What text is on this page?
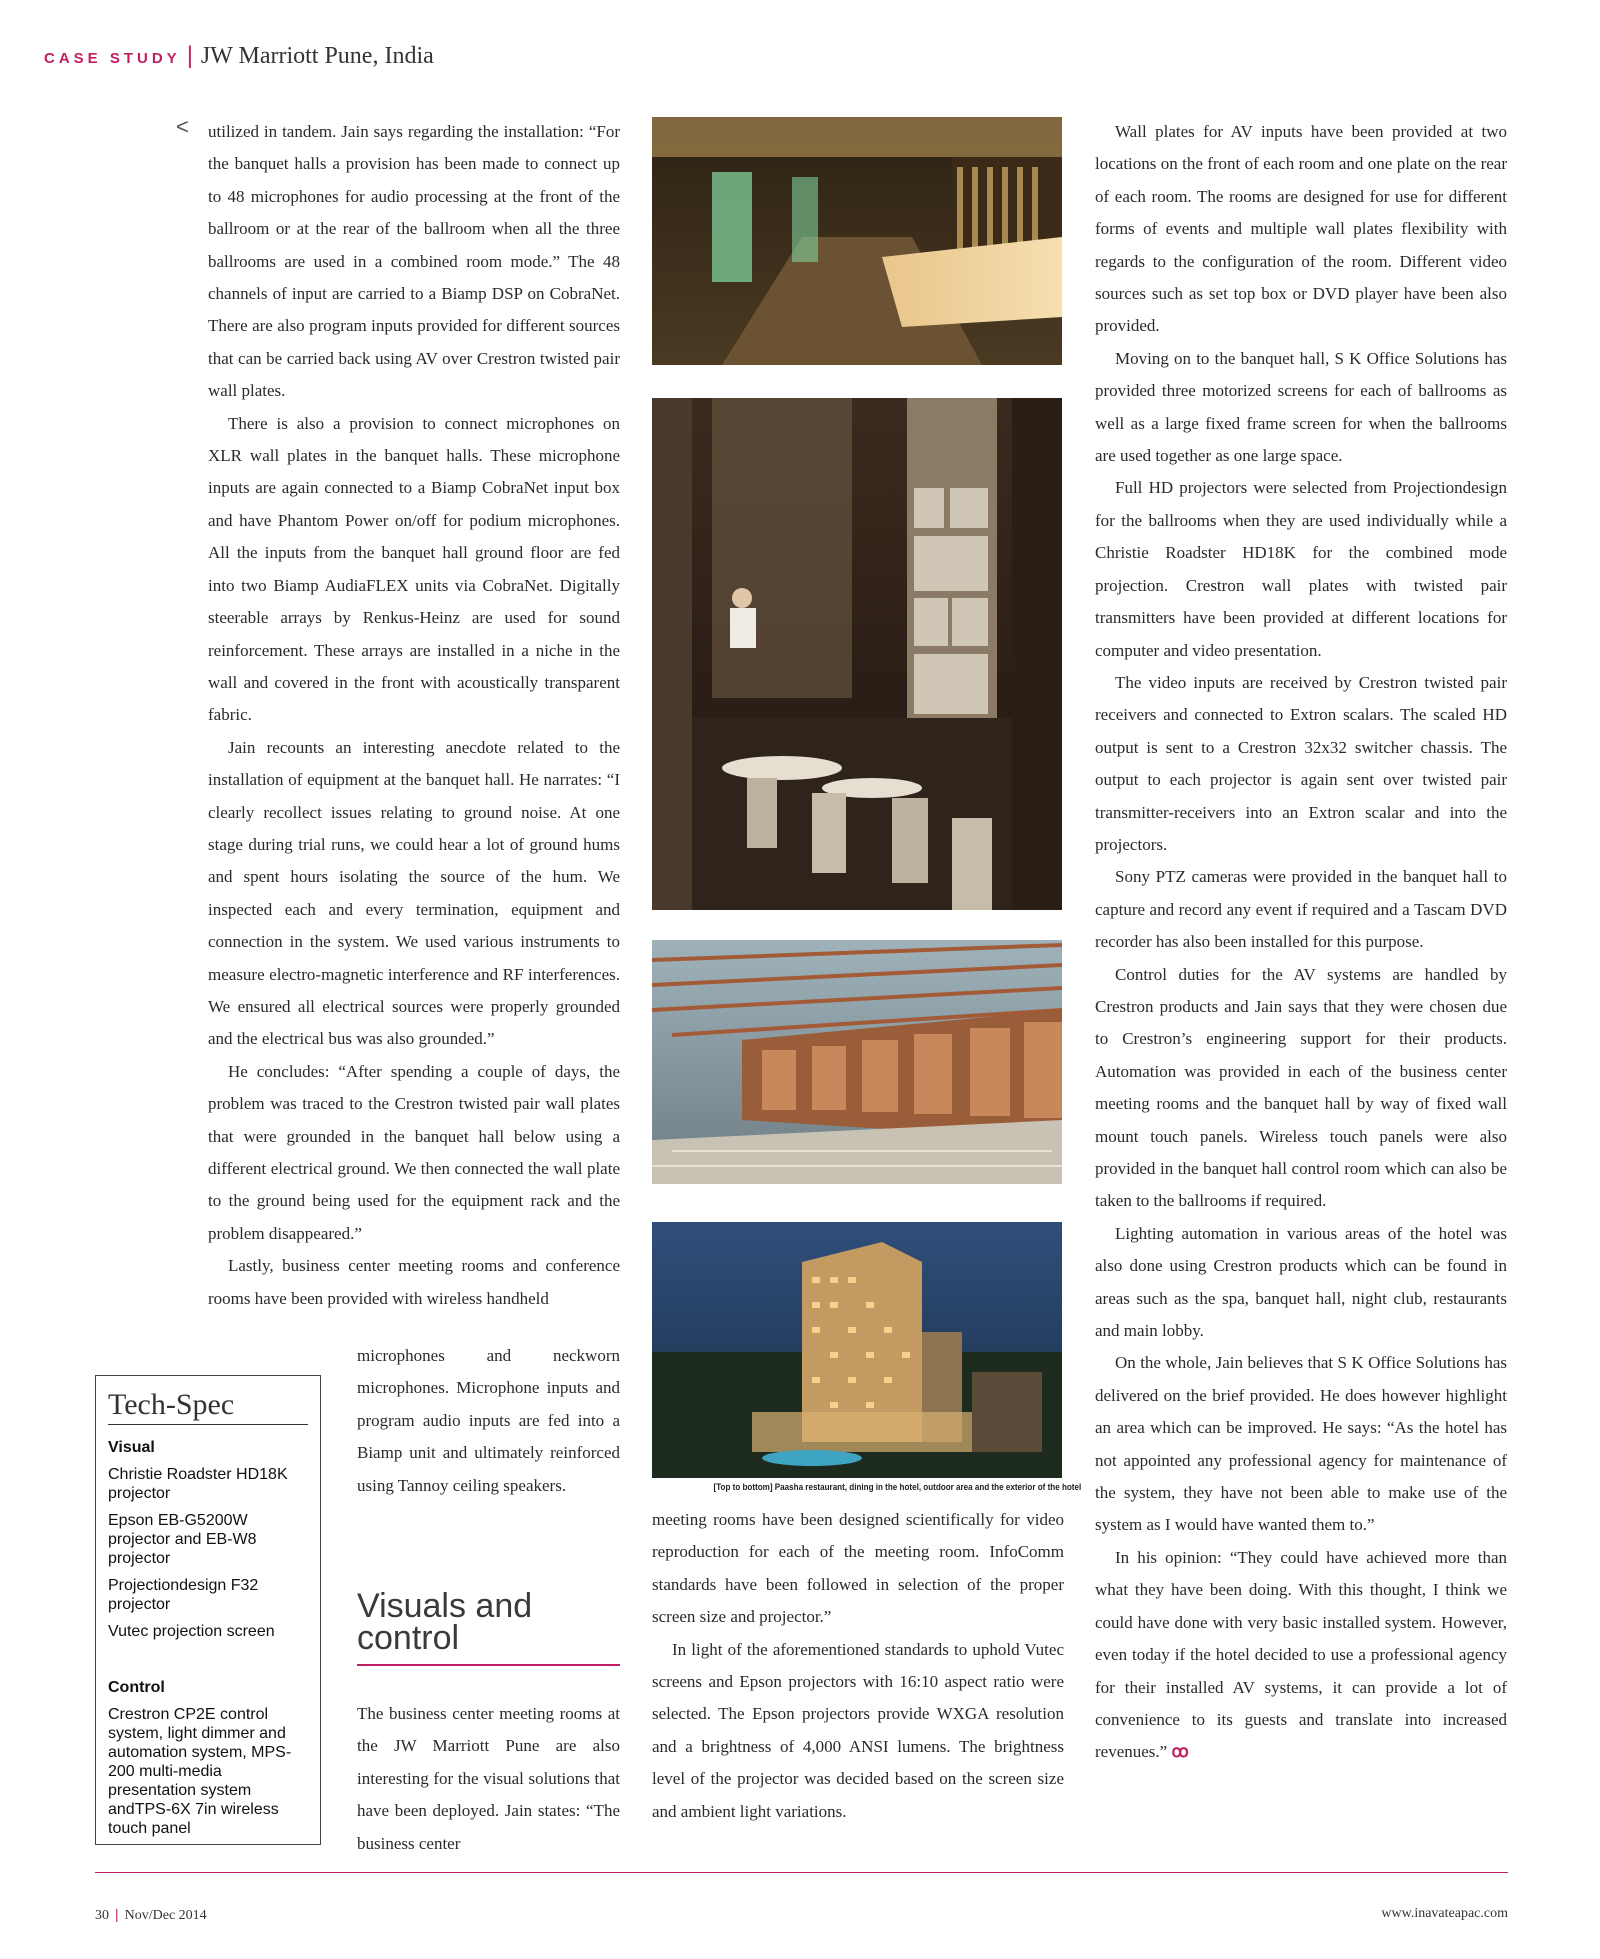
CASE STUDY | JW Marriott Pune, India
< utilized in tandem. Jain says regarding the installation: “For the banquet halls a provision has been made to connect up to 48 microphones for audio processing at the front of the ballroom or at the rear of the ballroom when all the three ballrooms are used in a combined room mode.” The 48 channels of input are carried to a Biamp DSP on CobraNet. There are also program inputs provided for different sources that can be carried back using AV over Crestron twisted pair wall plates.

There is also a provision to connect microphones on XLR wall plates in the banquet halls. These microphone inputs are again connected to a Biamp CobraNet input box and have Phantom Power on/off for podium microphones. All the inputs from the banquet hall ground floor are fed into two Biamp AudiaFLEX units via CobraNet. Digitally steerable arrays by Renkus-Heinz are used for sound reinforcement. These arrays are installed in a niche in the wall and covered in the front with acoustically transparent fabric.

Jain recounts an interesting anecdote related to the installation of equipment at the banquet hall. He narrates: “I clearly recollect issues relating to ground noise. At one stage during trial runs, we could hear a lot of ground hums and spent hours isolating the source of the hum. We inspected each and every termination, equipment and connection in the system. We used various instruments to measure electro-magnetic interference and RF interferences. We ensured all electrical sources were properly grounded and the electrical bus was also grounded.”

He concludes: “After spending a couple of days, the problem was traced to the Crestron twisted pair wall plates that were grounded in the banquet hall below using a different electrical ground. We then connected the wall plate to the ground being used for the equipment rack and the problem disappeared.”

Lastly, business center meeting rooms and conference rooms have been provided with wireless handheld

microphones and neckworn microphones. Microphone inputs and program audio inputs are fed into a Biamp unit and ultimately reinforced using Tannoy ceiling speakers.

Tech-Spec
Visual
Christie Roadster HD18K projector
Epson EB-G5200W projector and EB-W8 projector
Projectiondesign F32 projector
Vutec projection screen
Control
Crestron CP2E control system, light dimmer and automation system, MPS-200 multi-media presentation system andTPS-6X 7in wireless touch panel
Visuals and
control

The business center meeting rooms at the JW Marriott Pune are also interesting for the visual solutions that have been deployed. Jain states: “The business center

[Top to bottom] Paasha restaurant, dining in the hotel, outdoor area and the exterior of the hotel

meeting rooms have been designed scientifically for video reproduction for each of the meeting room. InfoComm standards have been followed in selection of the proper screen size and projector.”

In light of the aforementioned standards to uphold Vutec screens and Epson projectors with 16:10 aspect ratio were selected. The Epson projectors provide WXGA resolution and a brightness of 4,000 ANSI lumens. The brightness level of the projector was decided based on the screen size and ambient light variations.

Wall plates for AV inputs have been provided at two locations on the front of each room and one plate on the rear of each room. The rooms are designed for use for different forms of events and multiple wall plates flexibility with regards to the configuration of the room. Different video sources such as set top box or DVD player have been also provided.

Moving on to the banquet hall, S K Office Solutions has provided three motorized screens for each of ballrooms as well as a large fixed frame screen for when the ballrooms are used together as one large space.

Full HD projectors were selected from Projectiondesign for the ballrooms when they are used individually while a Christie Roadster HD18K for the combined mode projection. Crestron wall plates with twisted pair transmitters have been provided at different locations for computer and video presentation.

The video inputs are received by Crestron twisted pair receivers and connected to Extron scalars. The scaled HD output is sent to a Crestron 32x32 switcher chassis. The output to each projector is again sent over twisted pair transmitter-receivers into an Extron scalar and into the projectors.

Sony PTZ cameras were provided in the banquet hall to capture and record any event if required and a Tascam DVD recorder has also been installed for this purpose.

Control duties for the AV systems are handled by Crestron products and Jain says that they were chosen due to Crestron’s engineering support for their products. Automation was provided in each of the business center meeting rooms and the banquet hall by way of fixed wall mount touch panels. Wireless touch panels were also provided in the banquet hall control room which can also be taken to the ballrooms if required.

Lighting automation in various areas of the hotel was also done using Crestron products which can be found in areas such as the spa, banquet hall, night club, restaurants and main lobby.

On the whole, Jain believes that S K Office Solutions has delivered on the brief provided. He does however highlight an area which can be improved. He says: “As the hotel has not appointed any professional agency for maintenance of the system, they have not been able to make use of the system as I would have wanted them to.”

In his opinion: “They could have achieved more than what they have been doing. With this thought, I think we could have done with very basic installed system. However, even today if the hotel decided to use a professional agency for their installed AV systems, it can provide a lot of convenience to its guests and translate into increased revenues.” ꝏ

30 | Nov/Dec 2014	www.inavateapac.com
